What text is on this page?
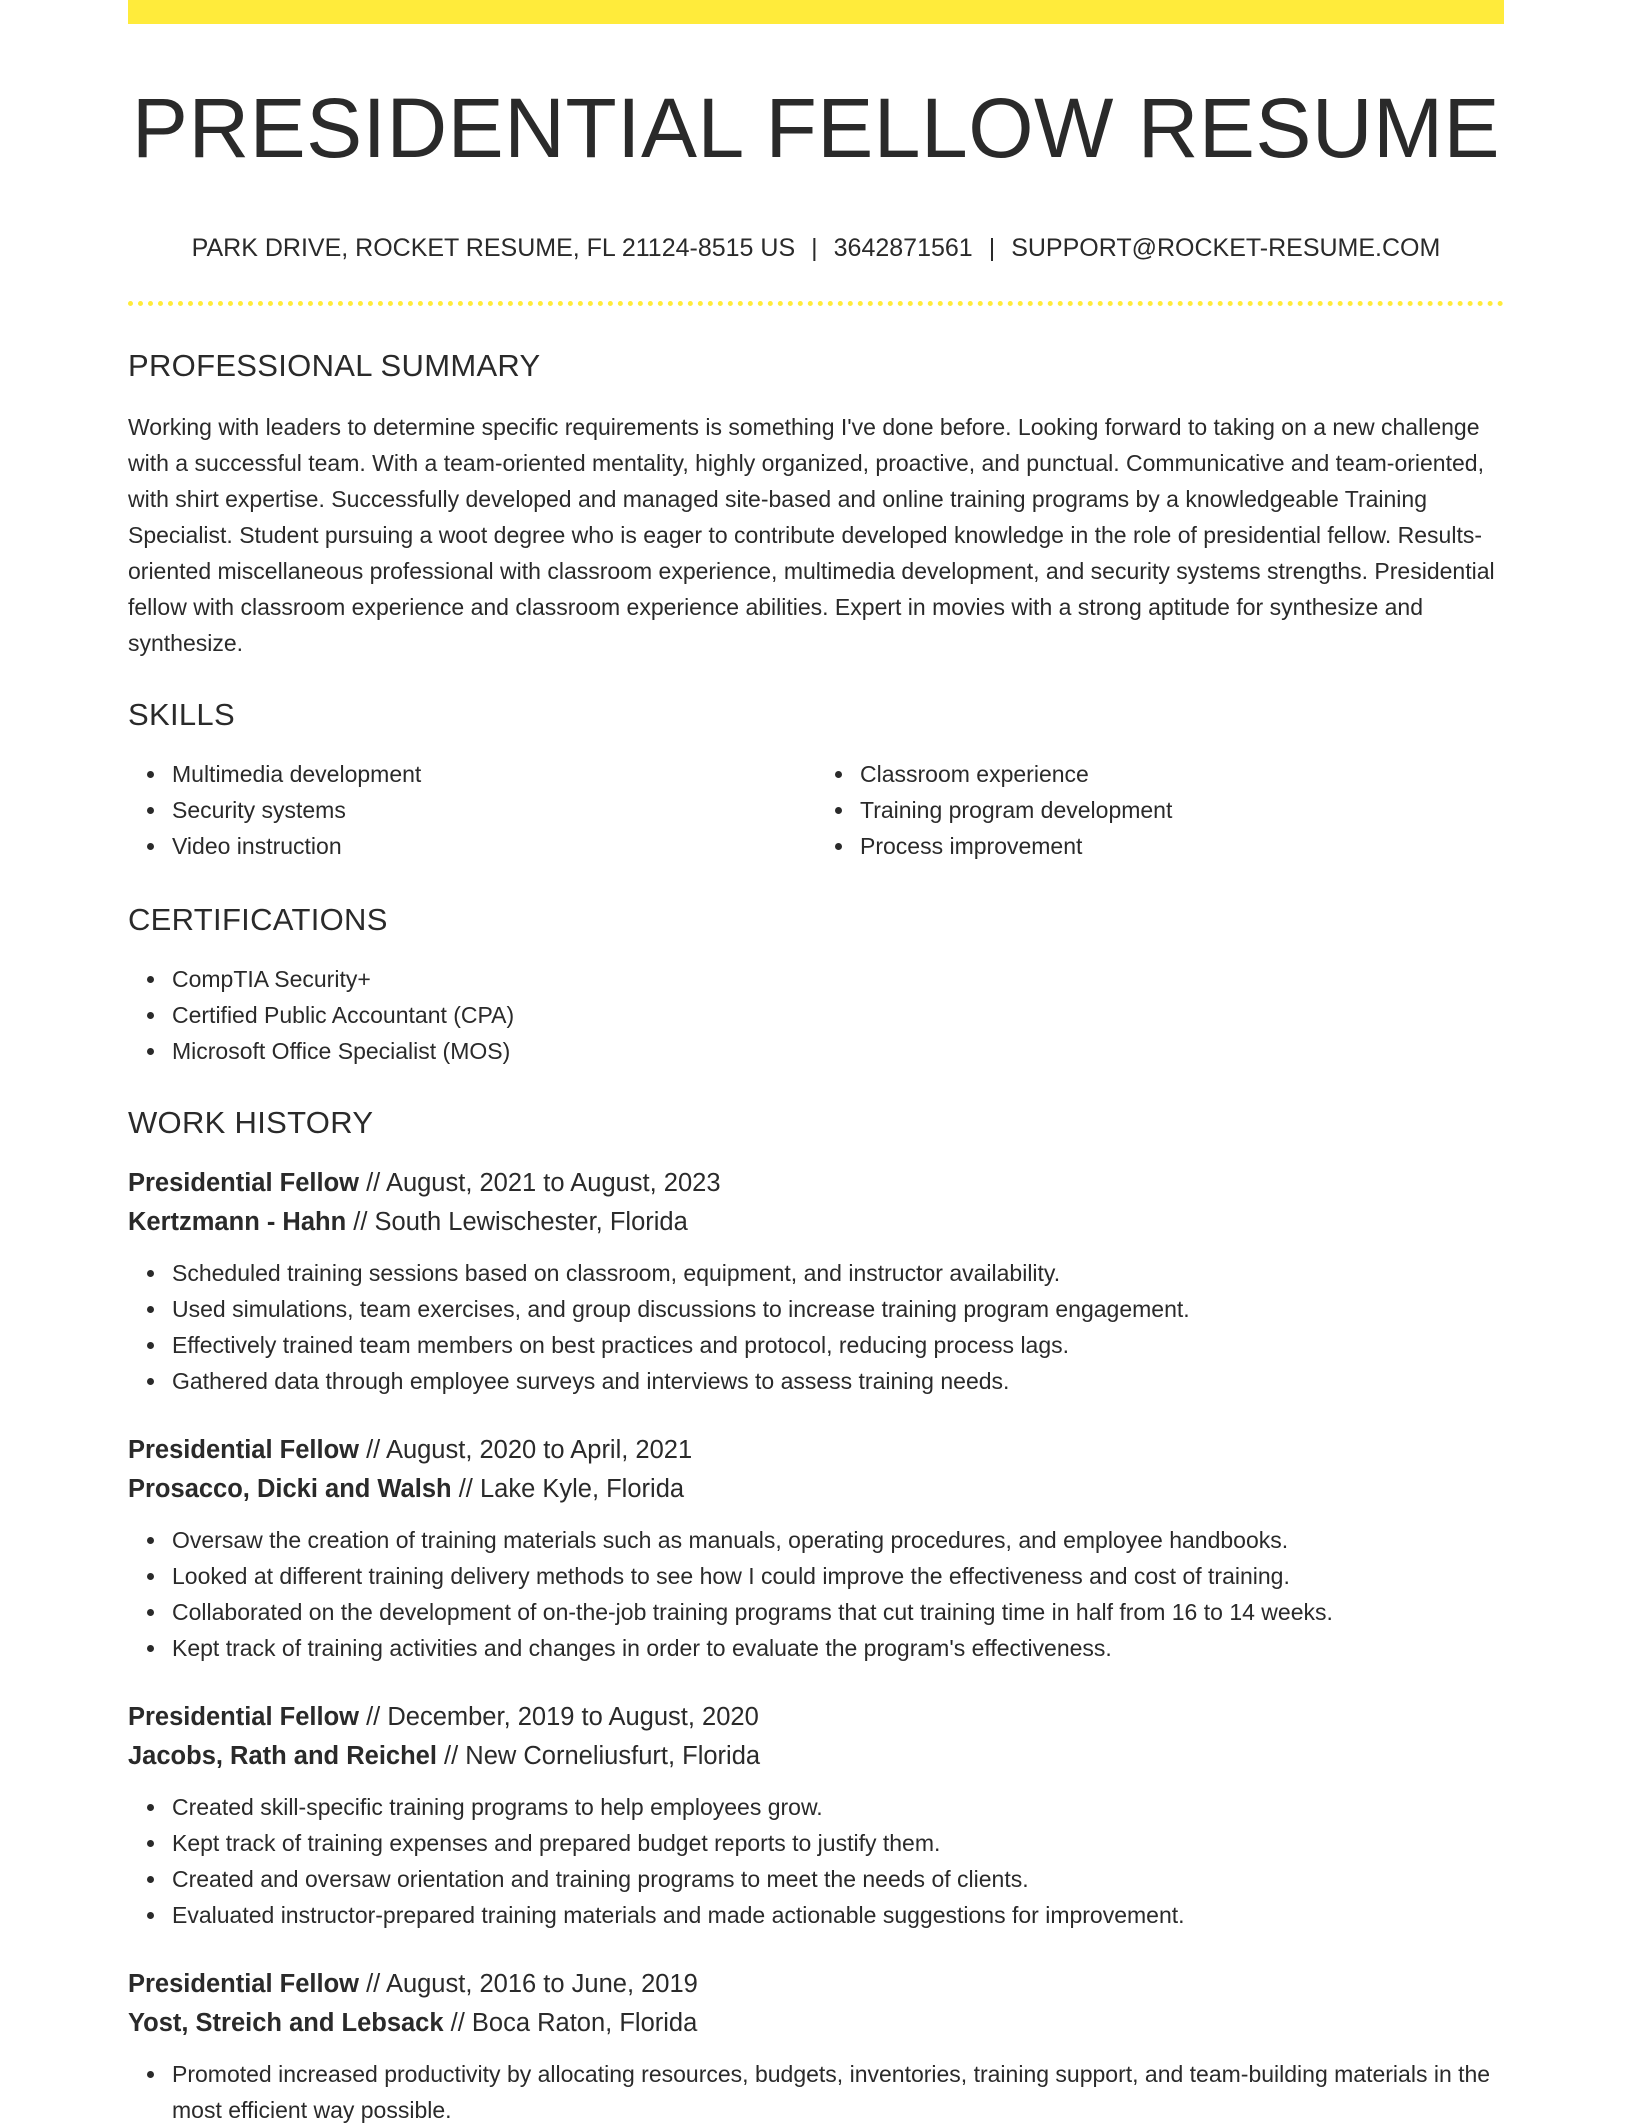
PRESIDENTIAL FELLOW RESUME
PARK DRIVE, ROCKET RESUME, FL 21124-8515 US | 3642871561 | SUPPORT@ROCKET-RESUME.COM
PROFESSIONAL SUMMARY

Working with leaders to determine specific requirements is something I've done before. Looking forward to taking on a new challenge with a successful team. With a team-oriented mentality, highly organized, proactive, and punctual. Communicative and team-oriented, with shirt expertise. Successfully developed and managed site-based and online training programs by a knowledgeable Training Specialist. Student pursuing a woot degree who is eager to contribute developed knowledge in the role of presidential fellow. Results-oriented miscellaneous professional with classroom experience, multimedia development, and security systems strengths. Presidential fellow with classroom experience and classroom experience abilities. Expert in movies with a strong aptitude for synthesize and synthesize.

SKILLS
Multimedia development
Security systems
Video instruction
Classroom experience
Training program development
Process improvement
CERTIFICATIONS
CompTIA Security+
Certified Public Accountant (CPA)
Microsoft Office Specialist (MOS)
WORK HISTORY
Presidential Fellow // August, 2021 to August, 2023
Kertzmann - Hahn // South Lewischester, Florida
Scheduled training sessions based on classroom, equipment, and instructor availability.
Used simulations, team exercises, and group discussions to increase training program engagement.
Effectively trained team members on best practices and protocol, reducing process lags.
Gathered data through employee surveys and interviews to assess training needs.
Presidential Fellow // August, 2020 to April, 2021
Prosacco, Dicki and Walsh // Lake Kyle, Florida
Oversaw the creation of training materials such as manuals, operating procedures, and employee handbooks.
Looked at different training delivery methods to see how I could improve the effectiveness and cost of training.
Collaborated on the development of on-the-job training programs that cut training time in half from 16 to 14 weeks.
Kept track of training activities and changes in order to evaluate the program's effectiveness.
Presidential Fellow // December, 2019 to August, 2020
Jacobs, Rath and Reichel // New Corneliusfurt, Florida
Created skill-specific training programs to help employees grow.
Kept track of training expenses and prepared budget reports to justify them.
Created and oversaw orientation and training programs to meet the needs of clients.
Evaluated instructor-prepared training materials and made actionable suggestions for improvement.
Presidential Fellow // August, 2016 to June, 2019
Yost, Streich and Lebsack // Boca Raton, Florida
Promoted increased productivity by allocating resources, budgets, inventories, training support, and team-building materials in the most efficient way possible.
